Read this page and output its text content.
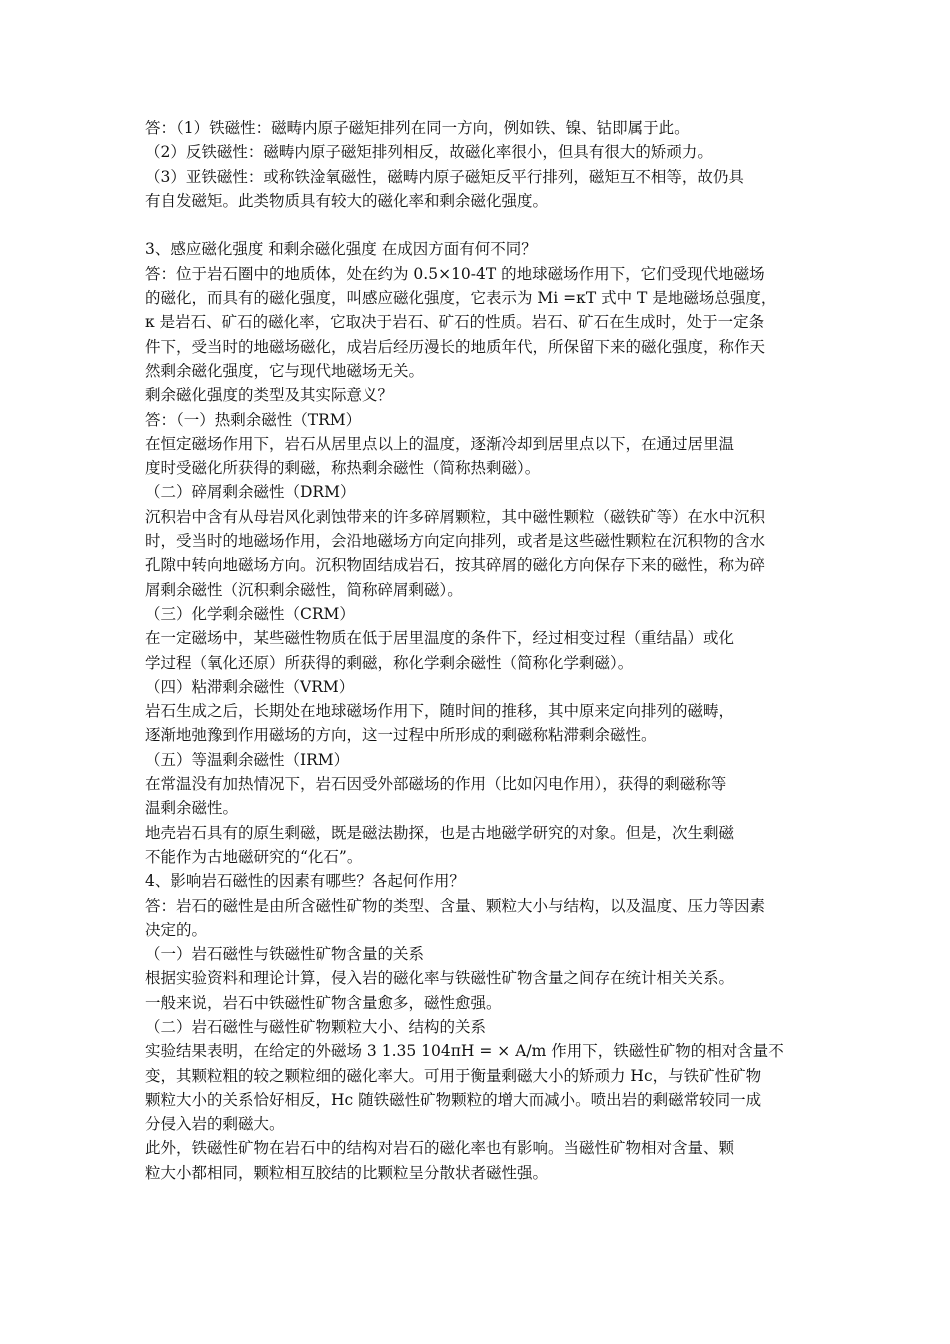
答：（1）铁磁性：磁畴内原子磁矩排列在同一方向，例如铁、镍、钴即属于此。
（2）反铁磁性：磁畴内原子磁矩排列相反，故磁化率很小，但具有很大的矫顽力。
（3）亚铁磁性：或称铁淦氧磁性，磁畴内原子磁矩反平行排列，磁矩互不相等，故仍具
有自发磁矩。此类物质具有较大的磁化率和剩余磁化强度。
3、感应磁化强度 和剩余磁化强度 在成因方面有何不同？
答：位于岩石圈中的地质体，处在约为 0.5×10-4T 的地球磁场作用下，它们受现代地磁场
的磁化，而具有的磁化强度，叫感应磁化强度，它表示为 Mi =κT 式中 T 是地磁场总强度，
κ 是岩石、矿石的磁化率，它取决于岩石、矿石的性质。岩石、矿石在生成时，处于一定条
件下，受当时的地磁场磁化，成岩后经历漫长的地质年代，所保留下来的磁化强度，称作天
然剩余磁化强度，它与现代地磁场无关。
剩余磁化强度的类型及其实际意义？
答：（一）热剩余磁性（TRM）
在恒定磁场作用下，岩石从居里点以上的温度，逐渐冷却到居里点以下，在通过居里温
度时受磁化所获得的剩磁，称热剩余磁性（简称热剩磁）。
（二）碎屑剩余磁性（DRM）
沉积岩中含有从母岩风化剥蚀带来的许多碎屑颗粒，其中磁性颗粒（磁铁矿等）在水中沉积
时，受当时的地磁场作用，会沿地磁场方向定向排列，或者是这些磁性颗粒在沉积物的含水
孔隙中转向地磁场方向。沉积物固结成岩石，按其碎屑的磁化方向保存下来的磁性，称为碎
屑剩余磁性（沉积剩余磁性，简称碎屑剩磁）。
（三）化学剩余磁性（CRM）
在一定磁场中，某些磁性物质在低于居里温度的条件下，经过相变过程（重结晶）或化
学过程（氧化还原）所获得的剩磁，称化学剩余磁性（简称化学剩磁）。
（四）粘滞剩余磁性（VRM）
岩石生成之后，长期处在地球磁场作用下，随时间的推移，其中原来定向排列的磁畴，
逐渐地弛豫到作用磁场的方向，这一过程中所形成的剩磁称粘滞剩余磁性。
（五）等温剩余磁性（IRM）
在常温没有加热情况下，岩石因受外部磁场的作用（比如闪电作用），获得的剩磁称等
温剩余磁性。
地壳岩石具有的原生剩磁，既是磁法勘探，也是古地磁学研究的对象。但是，次生剩磁
不能作为古地磁研究的“化石”。
4、影响岩石磁性的因素有哪些？各起何作用？
答：岩石的磁性是由所含磁性矿物的类型、含量、颗粒大小与结构，以及温度、压力等因素
决定的。
（一）岩石磁性与铁磁性矿物含量的关系
根据实验资料和理论计算，侵入岩的磁化率与铁磁性矿物含量之间存在统计相关关系。
一般来说，岩石中铁磁性矿物含量愈多，磁性愈强。
（二）岩石磁性与磁性矿物颗粒大小、结构的关系
实验结果表明，在给定的外磁场 3 1.35 104πH = × A/m 作用下，铁磁性矿物的相对含量不
变，其颗粒粗的较之颗粒细的磁化率大。可用于衡量剩磁大小的矫顽力 Hc，与铁矿性矿物
颗粒大小的关系恰好相反，Hc 随铁磁性矿物颗粒的增大而减小。喷出岩的剩磁常较同一成
分侵入岩的剩磁大。
此外，铁磁性矿物在岩石中的结构对岩石的磁化率也有影响。当磁性矿物相对含量、颗
粒大小都相同，颗粒相互胶结的比颗粒呈分散状者磁性强。
